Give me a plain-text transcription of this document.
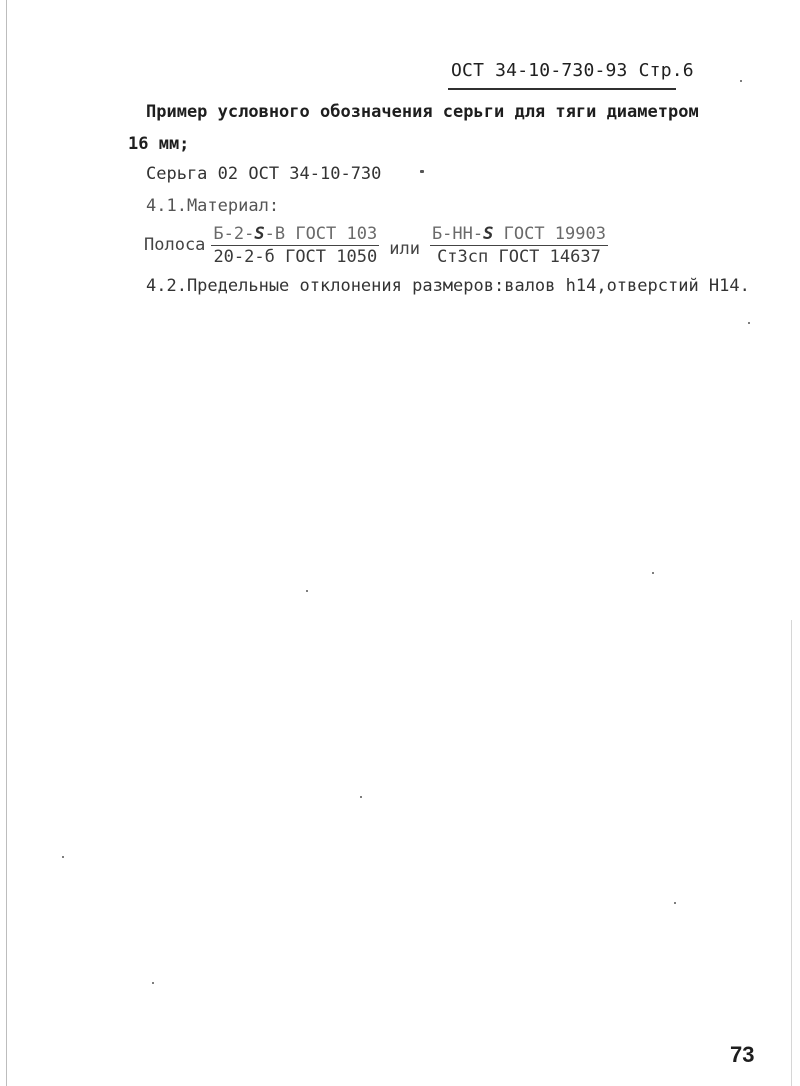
ОСТ 34-10-730-93 Стр.6
Пример условного обозначения серьги для тяги диаметром
16 мм;
Серьга 02 ОСТ 34-10-730
4.1.Материал:
Полоса $\frac{\text{Б-2-S-В ГОСТ 103}}{\text{20-2-б ГОСТ 1050}}$ или $\frac{\text{Б-НН-S ГОСТ 19903}}{\text{Ст3сп ГОСТ 14637}}$
4.2.Предельные отклонения размеров:валов h14,отверстий Н14.
73
